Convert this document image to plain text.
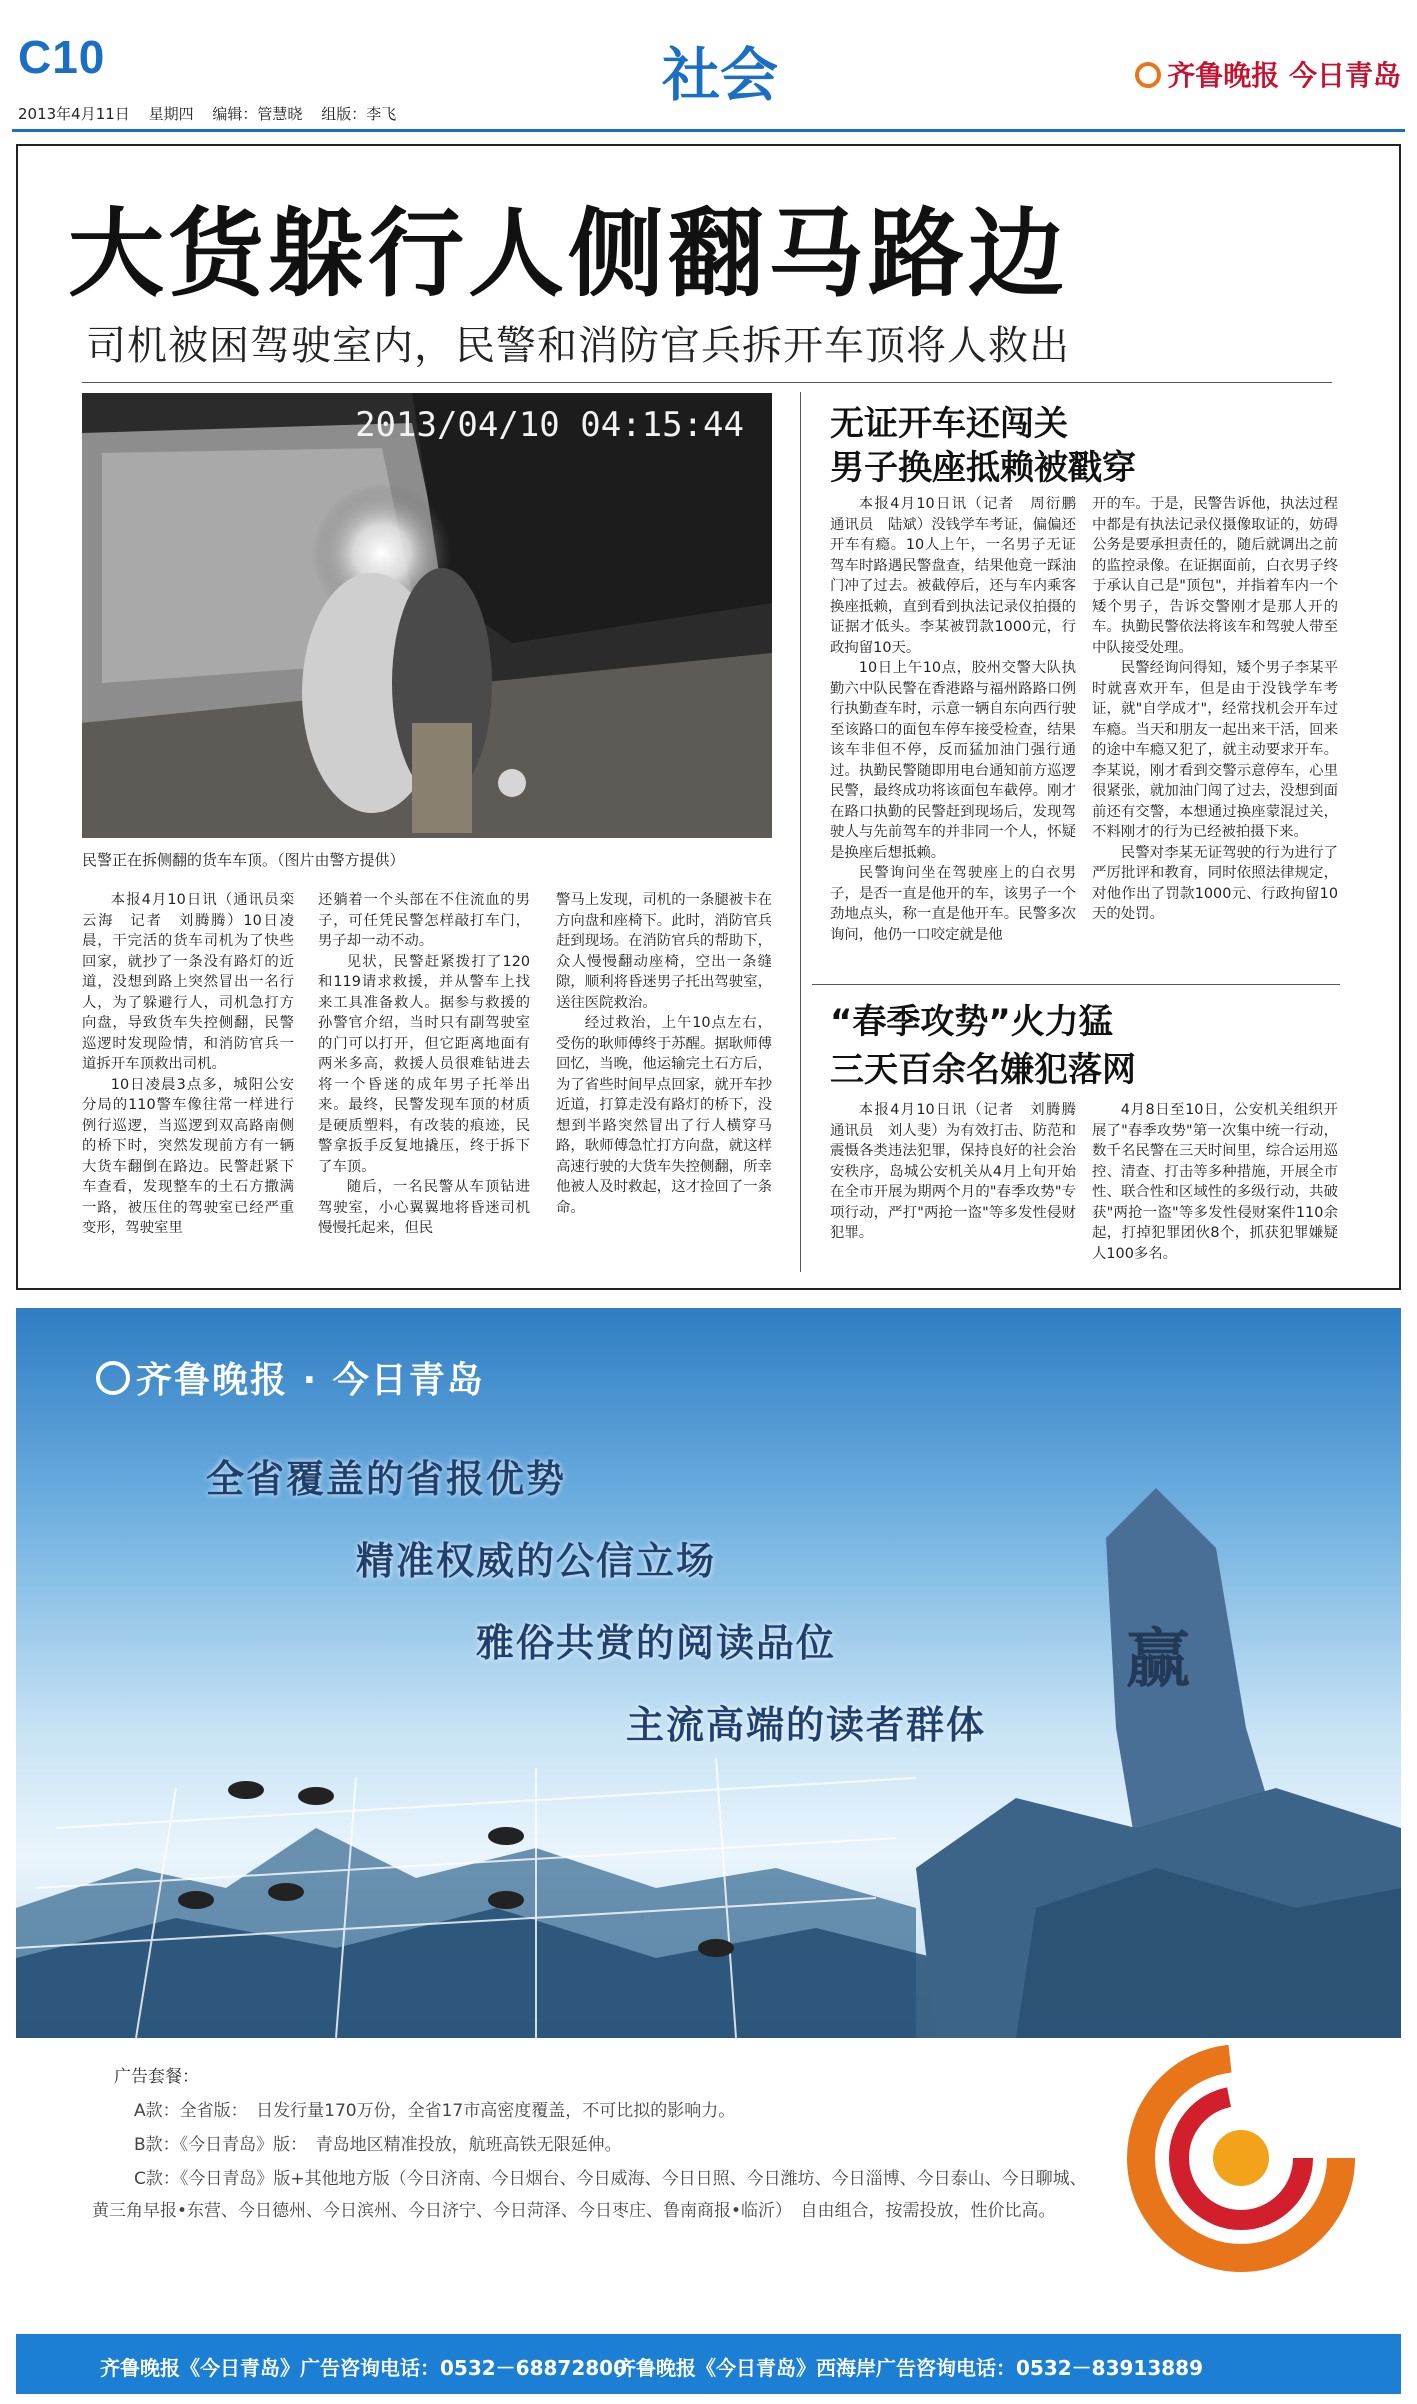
C10	社会	齐鲁晚报 今日青岛
2013年4月11日 星期四 编辑：管慧晓 组版：李飞
大货躲行人侧翻马路边
司机被困驾驶室内，民警和消防官兵拆开车顶将人救出
2013/04/10 04:15:44
民警正在拆侧翻的货车车顶。（图片由警方提供）

本报4月10日讯（通讯员栾云海　记者　刘腾腾）10日凌晨，干完活的货车司机为了快些回家，就抄了一条没有路灯的近道，没想到路上突然冒出一名行人，为了躲避行人，司机急打方向盘，导致货车失控侧翻，民警巡逻时发现险情，和消防官兵一道拆开车顶救出司机。

10日凌晨3点多，城阳公安分局的110警车像往常一样进行例行巡逻，当巡逻到双高路南侧的桥下时，突然发现前方有一辆大货车翻倒在路边。民警赶紧下车查看，发现整车的土石方撒满一路，被压住的驾驶室已经严重变形，驾驶室里

还躺着一个头部在不住流血的男子，可任凭民警怎样敲打车门，男子却一动不动。

见状，民警赶紧拨打了120和119请求救援，并从警车上找来工具准备救人。据参与救援的孙警官介绍，当时只有副驾驶室的门可以打开，但它距离地面有两米多高，救援人员很难钻进去将一个昏迷的成年男子托举出来。最终，民警发现车顶的材质是硬质塑料，有改装的痕迹，民警拿扳手反复地撬压，终于拆下了车顶。

随后，一名民警从车顶钻进驾驶室，小心翼翼地将昏迷司机慢慢托起来，但民

警马上发现，司机的一条腿被卡在方向盘和座椅下。此时，消防官兵赶到现场。在消防官兵的帮助下，众人慢慢翻动座椅，空出一条缝隙，顺利将昏迷男子托出驾驶室，送往医院救治。

经过救治，上午10点左右，受伤的耿师傅终于苏醒。据耿师傅回忆，当晚，他运输完土石方后，为了省些时间早点回家，就开车抄近道，打算走没有路灯的桥下，没想到半路突然冒出了行人横穿马路，耿师傅急忙打方向盘，就这样高速行驶的大货车失控侧翻，所幸他被人及时救起，这才捡回了一条命。

无证开车还闯关
男子换座抵赖被戳穿

本报4月10日讯（记者　周衍鹏　通讯员　陆斌）没钱学车考证，偏偏还开车有瘾。10人上午，一名男子无证驾车时路遇民警盘查，结果他竟一踩油门冲了过去。被截停后，还与车内乘客换座抵赖，直到看到执法记录仪拍摄的证据才低头。李某被罚款1000元，行政拘留10天。

10日上午10点，胶州交警大队执勤六中队民警在香港路与福州路路口例行执勤查车时，示意一辆自东向西行驶至该路口的面包车停车接受检查，结果该车非但不停，反而猛加油门强行通过。执勤民警随即用电台通知前方巡逻民警，最终成功将该面包车截停。刚才在路口执勤的民警赶到现场后，发现驾驶人与先前驾车的并非同一个人，怀疑是换座后想抵赖。

民警询问坐在驾驶座上的白衣男子，是否一直是他开的车，该男子一个劲地点头，称一直是他开车。民警多次询问，他仍一口咬定就是他

开的车。于是，民警告诉他，执法过程中都是有执法记录仪摄像取证的，妨碍公务是要承担责任的，随后就调出之前的监控录像。在证据面前，白衣男子终于承认自己是"顶包"，并指着车内一个矮个男子，告诉交警刚才是那人开的车。执勤民警依法将该车和驾驶人带至中队接受处理。

民警经询问得知，矮个男子李某平时就喜欢开车，但是由于没钱学车考证，就"自学成才"，经常找机会开车过车瘾。当天和朋友一起出来干活，回来的途中车瘾又犯了，就主动要求开车。李某说，刚才看到交警示意停车，心里很紧张，就加油门闯了过去，没想到面前还有交警，本想通过换座蒙混过关，不料刚才的行为已经被拍摄下来。

民警对李某无证驾驶的行为进行了严厉批评和教育，同时依照法律规定，对他作出了罚款1000元、行政拘留10天的处罚。

“春季攻势”火力猛
三天百余名嫌犯落网

本报4月10日讯（记者　刘腾腾　通讯员　刘人斐）为有效打击、防范和震慑各类违法犯罪，保持良好的社会治安秩序，岛城公安机关从4月上旬开始在全市开展为期两个月的"春季攻势"专项行动，严打"两抢一盗"等多发性侵财犯罪。

4月8日至10日，公安机关组织开展了"春季攻势"第一次集中统一行动，数千名民警在三天时间里，综合运用巡控、清查、打击等多种措施，开展全市性、联合性和区域性的多级行动，共破获"两抢一盗"等多发性侵财案件110余起，打掉犯罪团伙8个，抓获犯罪嫌疑人100多名。

齐鲁晚报 · 今日青岛
赢
全省覆盖的省报优势
精准权威的公信立场
雅俗共赏的阅读品位
主流高端的读者群体
广告套餐：
A款：全省版：　日发行量170万份，全省17市高密度覆盖，不可比拟的影响力。
B款：《今日青岛》版：　青岛地区精准投放，航班高铁无限延伸。
C款：《今日青岛》版+其他地方版（今日济南、今日烟台、今日威海、今日日照、今日潍坊、今日淄博、今日泰山、今日聊城、
黄三角早报•东营、今日德州、今日滨州、今日济宁、今日菏泽、今日枣庄、鲁南商报•临沂）　自由组合，按需投放，性价比高。
齐鲁晚报《今日青岛》广告咨询电话：0532－68872800
齐鲁晚报《今日青岛》西海岸广告咨询电话：0532－83913889
